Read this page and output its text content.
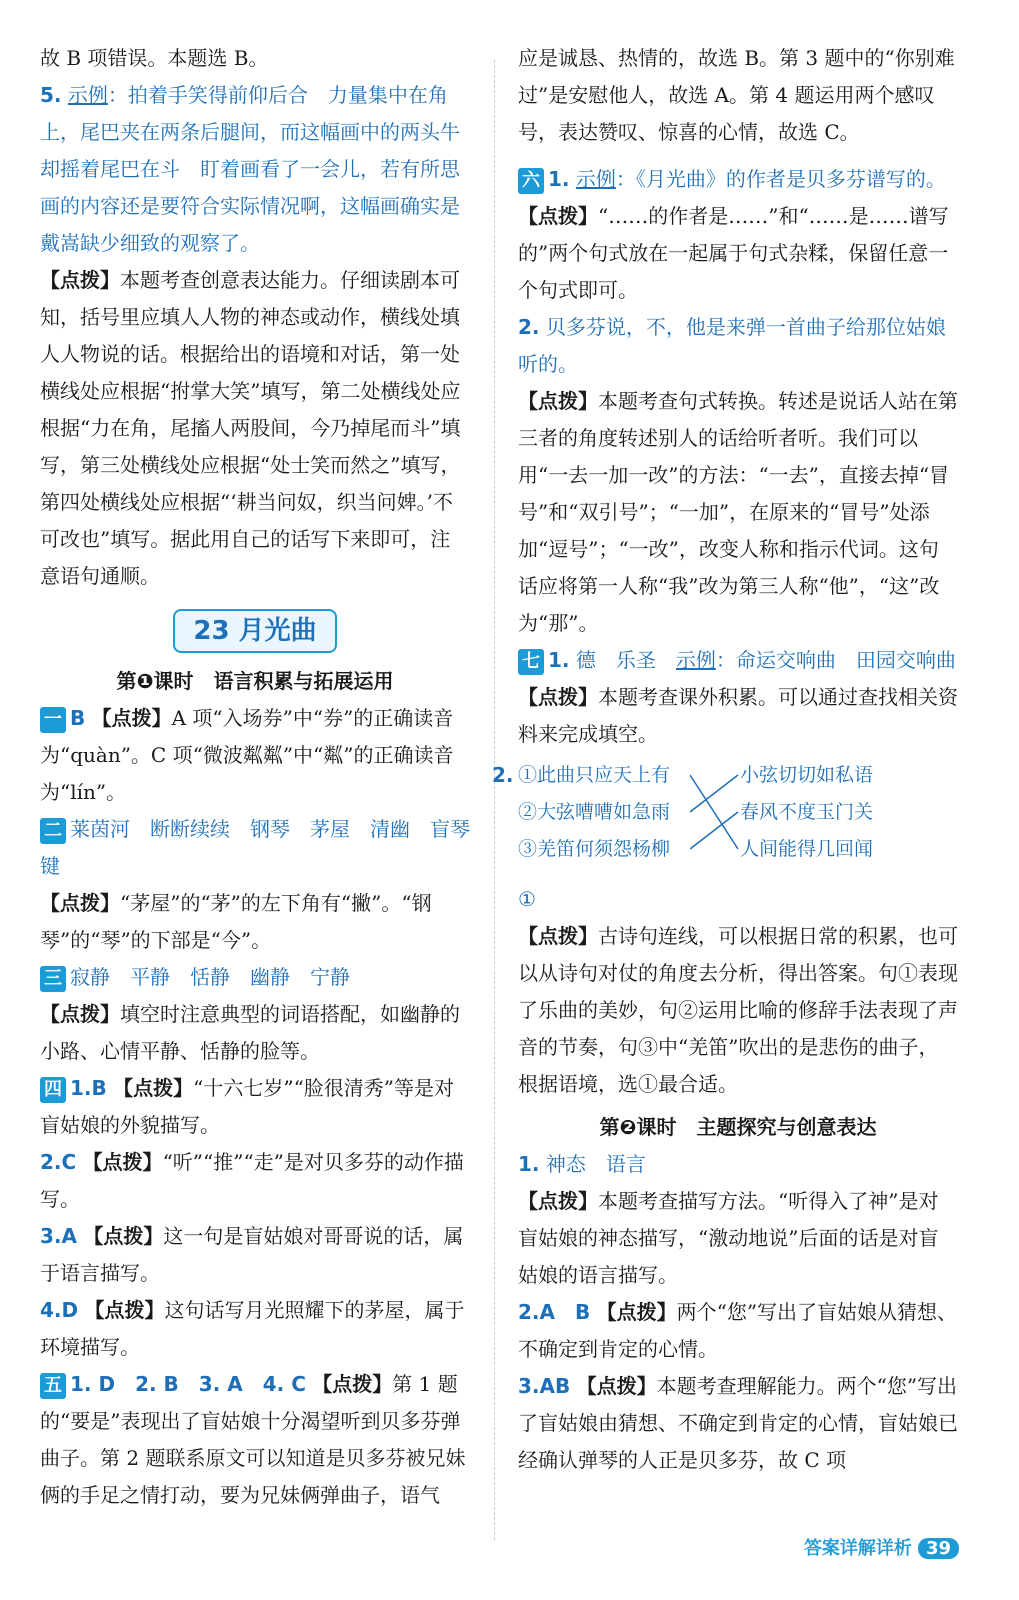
故 B 项错误。本题选 B。

5. 示例：拍着手笑得前仰后合　力量集中在角上，尾巴夹在两条后腿间，而这幅画中的两头牛却摇着尾巴在斗　盯着画看了一会儿，若有所思　画的内容还是要符合实际情况啊，这幅画确实是戴嵩缺少细致的观察了。

【点拨】本题考查创意表达能力。仔细读剧本可知，括号里应填人人物的神态或动作，横线处填人人物说的话。根据给出的语境和对话，第一处横线处应根据“拊掌大笑”填写，第二处横线处应根据“力在角，尾搐人两股间，今乃掉尾而斗”填写，第三处横线处应根据“处士笑而然之”填写，第四处横线处应根据“‘耕当问奴，织当问婢。’不可改也”填写。据此用自己的话写下来即可，注意语句通顺。

23 月光曲

第❶课时　语言积累与拓展运用

一 B 【点拨】A 项“入场券”中“券”的正确读音为“quàn”。C 项“微波粼粼”中“粼”的正确读音为“lín”。

二 莱茵河　断断续续　钢琴　茅屋　清幽　盲琴键

【点拨】“茅屋”的“茅”的左下角有“撇”。“钢琴”的“琴”的下部是“今”。

三 寂静　平静　恬静　幽静　宁静

【点拨】填空时注意典型的词语搭配，如幽静的小路、心情平静、恬静的脸等。

四 1.B 【点拨】“十六七岁”“脸很清秀”等是对盲姑娘的外貌描写。

2.C 【点拨】“听”“推”“走”是对贝多芬的动作描写。

3.A 【点拨】这一句是盲姑娘对哥哥说的话，属于语言描写。

4.D 【点拨】这句话写月光照耀下的茅屋，属于环境描写。

五 1. D　2. B　3. A　4. C 【点拨】第 1 题的“要是”表现出了盲姑娘十分渴望听到贝多芬弹曲子。第 2 题联系原文可以知道是贝多芬被兄妹俩的手足之情打动，要为兄妹俩弹曲子，语气

应是诚恳、热情的，故选 B。第 3 题中的“你别难过”是安慰他人，故选 A。第 4 题运用两个感叹号，表达赞叹、惊喜的心情，故选 C。

六 1. 示例：《月光曲》的作者是贝多芬谱写的。

【点拨】“……的作者是……”和“……是……谱写的”两个句式放在一起属于句式杂糅，保留任意一个句式即可。

2. 贝多芬说，不，他是来弹一首曲子给那位姑娘听的。

【点拨】本题考查句式转换。转述是说话人站在第三者的角度转述别人的话给听者听。我们可以用“一去一加一改”的方法：“一去”，直接去掉“冒号”和“双引号”；“一加”，在原来的“冒号”处添加“逗号”；“一改”，改变人称和指示代词。这句话应将第一人称“我”改为第三人称“他”，“这”改为“那”。

七 1. 德　乐圣　示例：命运交响曲　田园交响曲

【点拨】本题考查课外积累。可以通过查找相关资料来完成填空。

2. ①此曲只应天上有
②大弦嘈嘈如急雨
③羌笛何须怨杨柳
小弦切切如私语
春风不度玉门关
人间能得几回闻

①

【点拨】古诗句连线，可以根据日常的积累，也可以从诗句对仗的角度去分析，得出答案。句①表现了乐曲的美妙，句②运用比喻的修辞手法表现了声音的节奏，句③中“羌笛”吹出的是悲伤的曲子，根据语境，选①最合适。

第❷课时　主题探究与创意表达

1. 神态　语言

【点拨】本题考查描写方法。“听得入了神”是对盲姑娘的神态描写，“激动地说”后面的话是对盲姑娘的语言描写。

2.A　B 【点拨】两个“您”写出了盲姑娘从猜想、不确定到肯定的心情。

3.AB 【点拨】本题考查理解能力。两个“您”写出了盲姑娘由猜想、不确定到肯定的心情，盲姑娘已经确认弹琴的人正是贝多芬，故 C 项

答案详解详析 39
